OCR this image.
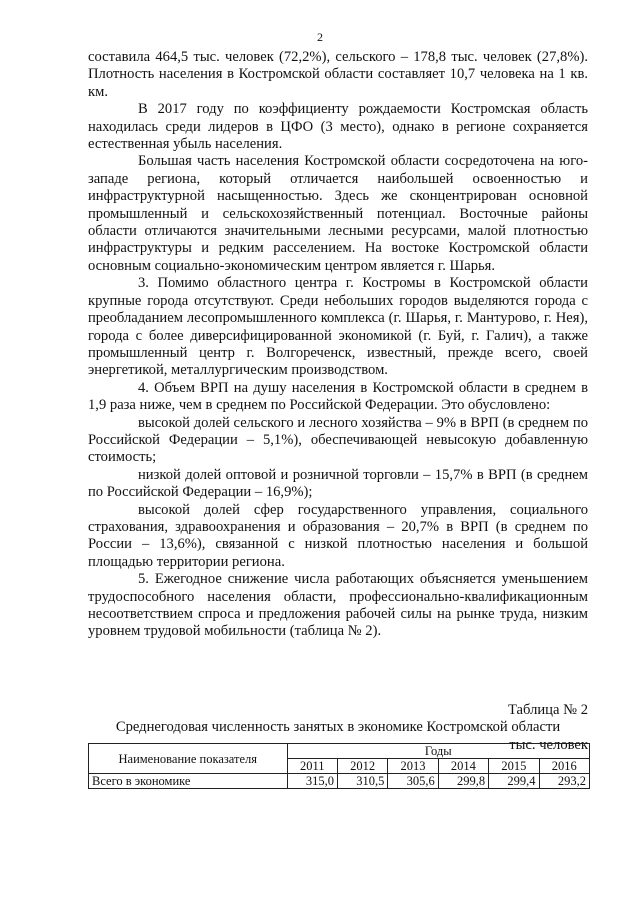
2

составила 464,5 тыс. человек (72,2%), сельского – 178,8 тыс. человек (27,8%). Плотность населения в Костромской области составляет 10,7 человека на 1 кв. км.

В 2017 году по коэффициенту рождаемости Костромская область находилась среди лидеров в ЦФО (3 место), однако в регионе сохраняется естественная убыль населения.

Большая часть населения Костромской области сосредоточена на юго-западе региона, который отличается наибольшей освоенностью и инфраструктурной насыщенностью. Здесь же сконцентрирован основной промышленный и сельскохозяйственный потенциал. Восточные районы области отличаются значительными лесными ресурсами, малой плотностью инфраструктуры и редким расселением. На востоке Костромской области основным социально-экономическим центром является г. Шарья.

3. Помимо областного центра г. Костромы в Костромской области крупные города отсутствуют. Среди небольших городов выделяются города с преобладанием лесопромышленного комплекса (г. Шарья, г. Мантурово, г. Нея), города с более диверсифицированной экономикой (г. Буй, г. Галич), а также промышленный центр г. Волгореченск, известный, прежде всего, своей энергетикой, металлургическим производством.

4. Объем ВРП на душу населения в Костромской области в среднем в 1,9 раза ниже, чем в среднем по Российской Федерации. Это обусловлено:

высокой долей сельского и лесного хозяйства – 9% в ВРП (в среднем по Российской Федерации – 5,1%), обеспечивающей невысокую добавленную стоимость;

низкой долей оптовой и розничной торговли – 15,7% в ВРП (в среднем по Российской Федерации – 16,9%);

высокой долей сфер государственного управления, социального страхования, здравоохранения и образования – 20,7% в ВРП (в среднем по России – 13,6%), связанной с низкой плотностью населения и большой площадью территории региона.

5. Ежегодное снижение числа работающих объясняется уменьшением трудоспособного населения области, профессионально-квалификационным несоответствием спроса и предложения рабочей силы на рынке труда, низким уровнем трудовой мобильности (таблица № 2).

Таблица № 2
Среднегодовая численность занятых в экономике Костромской области
тыс. человек
Наименование показателя	Годы					
	2011	2012	2013	2014	2015	2016
Всего в экономике	315,0	310,5	305,6	299,8	299,4	293,2
